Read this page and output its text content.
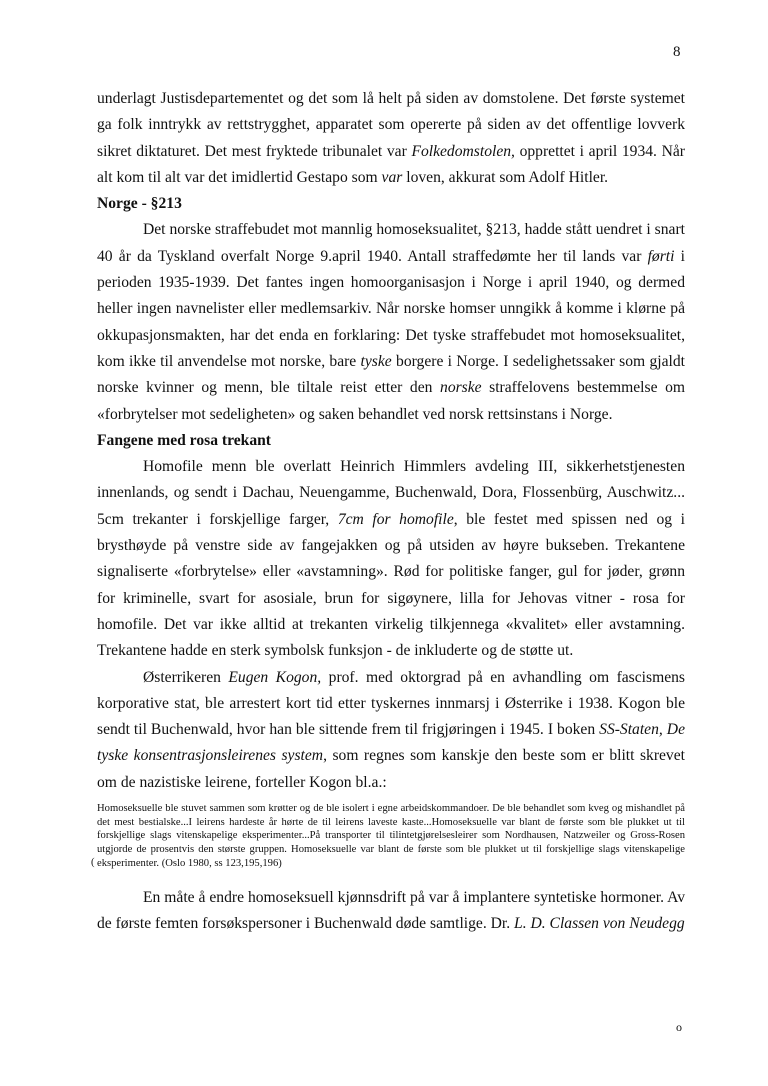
8

underlagt Justisdepartementet og det som lå helt på siden av domstolene. Det første systemet ga folk inntrykk av rettstrygghet, apparatet som opererte på siden av det offentlige lovverk sikret diktaturet. Det mest fryktede tribunalet var Folkedomstolen, opprettet i april 1934. Når alt kom til alt var det imidlertid Gestapo som var loven, akkurat som Adolf Hitler.

Norge - §213

Det norske straffebudet mot mannlig homoseksualitet, §213, hadde stått uendret i snart 40 år da Tyskland overfalt Norge 9.april 1940. Antall straffedømte her til lands var førti i perioden 1935-1939. Det fantes ingen homoorganisasjon i Norge i april 1940, og dermed heller ingen navnelister eller medlemsarkiv. Når norske homser unngikk å komme i klørne på okkupasjonsmakten, har det enda en forklaring: Det tyske straffebudet mot homoseksualitet, kom ikke til anvendelse mot norske, bare tyske borgere i Norge. I sedelighetssaker som gjaldt norske kvinner og menn, ble tiltale reist etter den norske straffelovens bestemmelse om «forbrytelser mot sedeligheten» og saken behandlet ved norsk rettsinstans i Norge.

Fangene med rosa trekant

Homofile menn ble overlatt Heinrich Himmlers avdeling III, sikkerhetstjenesten innenlands, og sendt i Dachau, Neuengamme, Buchenwald, Dora, Flossenbürg, Auschwitz... 5cm trekanter i forskjellige farger, 7cm for homofile, ble festet med spissen ned og i brysthøyde på venstre side av fangejakken og på utsiden av høyre bukseben. Trekantene signaliserte «forbrytelse» eller «avstamning». Rød for politiske fanger, gul for jøder, grønn for kriminelle, svart for asosiale, brun for sigøynere, lilla for Jehovas vitner - rosa for homofile. Det var ikke alltid at trekanten virkelig tilkjennega «kvalitet» eller avstamning. Trekantene hadde en sterk symbolsk funksjon - de inkluderte og de støtte ut.

Østerrikeren Eugen Kogon, prof. med oktorgrad på en avhandling om fascismens korporative stat, ble arrestert kort tid etter tyskernes innmarsj i Østerrike i 1938. Kogon ble sendt til Buchenwald, hvor han ble sittende frem til frigjøringen i 1945. I boken SS-Staten, De tyske konsentrasjonsleirenes system, som regnes som kanskje den beste som er blitt skrevet om de nazistiske leirene, forteller Kogon bl.a.:

(

Homoseksuelle ble stuvet sammen som krøtter og de ble isolert i egne arbeidskommandoer. De ble behandlet som kveg og mishandlet på det mest bestialske...I leirens hardeste år hørte de til leirens laveste kaste...Homoseksuelle var blant de første som ble plukket ut til forskjellige slags vitenskapelige eksperimenter...På transporter til tilintetgjørelsesleirer som Nordhausen, Natzweiler og Gross-Rosen utgjorde de prosentvis den største gruppen. Homoseksuelle var blant de første som ble plukket ut til forskjellige slags vitenskapelige eksperimenter. (Oslo 1980, ss 123,195,196)

En måte å endre homoseksuell kjønnsdrift på var å implantere syntetiske hormoner. Av de første femten forsøkspersoner i Buchenwald døde samtlige. Dr. L. D. Classen von Neudegg

o
